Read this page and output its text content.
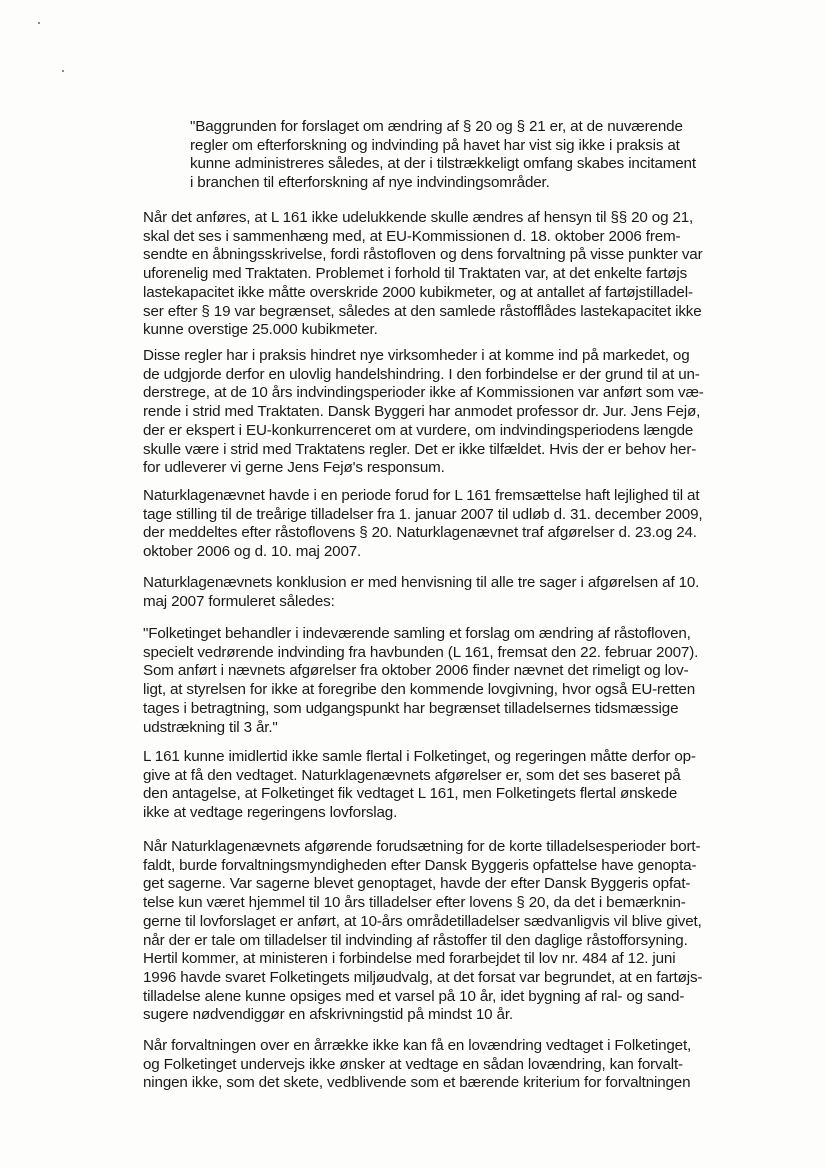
"Baggrunden for forslaget om ændring af § 20 og § 21 er, at de nuværende

regler om efterforskning og indvinding på havet har vist sig ikke i praksis at

kunne administreres således, at der i tilstrækkeligt omfang skabes incitament

i branchen til efterforskning af nye indvindingsområder.

Når det anføres, at L 161 ikke udelukkende skulle ændres af hensyn til §§ 20 og 21,

skal det ses i sammenhæng med, at EU-Kommissionen d. 18. oktober 2006 frem-

sendte en åbningsskrivelse, fordi råstofloven og dens forvaltning på visse punkter var

uforenelig med Traktaten. Problemet i forhold til Traktaten var, at det enkelte fartøjs

lastekapacitet ikke måtte overskride 2000 kubikmeter, og at antallet af fartøjstilladel-

ser efter § 19 var begrænset, således at den samlede råstofflådes lastekapacitet ikke

kunne overstige 25.000 kubikmeter.

Disse regler har i praksis hindret nye virksomheder i at komme ind på markedet, og

de udgjorde derfor en ulovlig handelshindring. I den forbindelse er der grund til at un-

derstrege, at de 10 års indvindingsperioder ikke af Kommissionen var anført som væ-

rende i strid med Traktaten. Dansk Byggeri har anmodet professor dr. Jur. Jens Fejø,

der er ekspert i EU-konkurrenceret om at vurdere, om indvindingsperiodens længde

skulle være i strid med Traktatens regler. Det er ikke tilfældet. Hvis der er behov her-

for udleverer vi gerne Jens Fejø's responsum.

Naturklagenævnet havde i en periode forud for L 161 fremsættelse haft lejlighed til at

tage stilling til de treårige tilladelser fra 1. januar 2007 til udløb d. 31. december 2009,

der meddeltes efter råstoflovens § 20. Naturklagenævnet traf afgørelser d. 23.og 24.

oktober 2006 og d. 10. maj 2007.

Naturklagenævnets konklusion er med henvisning til alle tre sager i afgørelsen af 10.

maj 2007 formuleret således:

"Folketinget behandler i indeværende samling et forslag om ændring af råstofloven,

specielt vedrørende indvinding fra havbunden (L 161, fremsat den 22. februar 2007).

Som anført i nævnets afgørelser fra oktober 2006 finder nævnet det rimeligt og lov-

ligt, at styrelsen for ikke at foregribe den kommende lovgivning, hvor også EU-retten

tages i betragtning, som udgangspunkt har begrænset tilladelsernes tidsmæssige

udstrækning til 3 år."

L 161 kunne imidlertid ikke samle flertal i Folketinget, og regeringen måtte derfor op-

give at få den vedtaget. Naturklagenævnets afgørelser er, som det ses baseret på

den antagelse, at Folketinget fik vedtaget L 161, men Folketingets flertal ønskede

ikke at vedtage regeringens lovforslag.

Når Naturklagenævnets afgørende forudsætning for de korte tilladelsesperioder bort-

faldt, burde forvaltningsmyndigheden efter Dansk Byggeris opfattelse have genopta-

get sagerne. Var sagerne blevet genoptaget, havde der efter Dansk Byggeris opfat-

telse kun været hjemmel til 10 års tilladelser efter lovens § 20, da det i bemærknin-

gerne til lovforslaget er anført, at 10-års områdetilladelser sædvanligvis vil blive givet,

når der er tale om tilladelser til indvinding af råstoffer til den daglige råstofforsyning.

Hertil kommer, at ministeren i forbindelse med forarbejdet til lov nr. 484 af 12. juni

1996 havde svaret Folketingets miljøudvalg, at det forsat var begrundet, at en fartøjs-

tilladelse alene kunne opsiges med et varsel på 10 år, idet bygning af ral- og sand-

sugere nødvendiggør en afskrivningstid på mindst 10 år.

Når forvaltningen over en årrække ikke kan få en lovændring vedtaget i Folketinget,

og Folketinget undervejs ikke ønsker at vedtage en sådan lovændring, kan forvalt-

ningen ikke, som det skete, vedblivende som et bærende kriterium for forvaltningen
